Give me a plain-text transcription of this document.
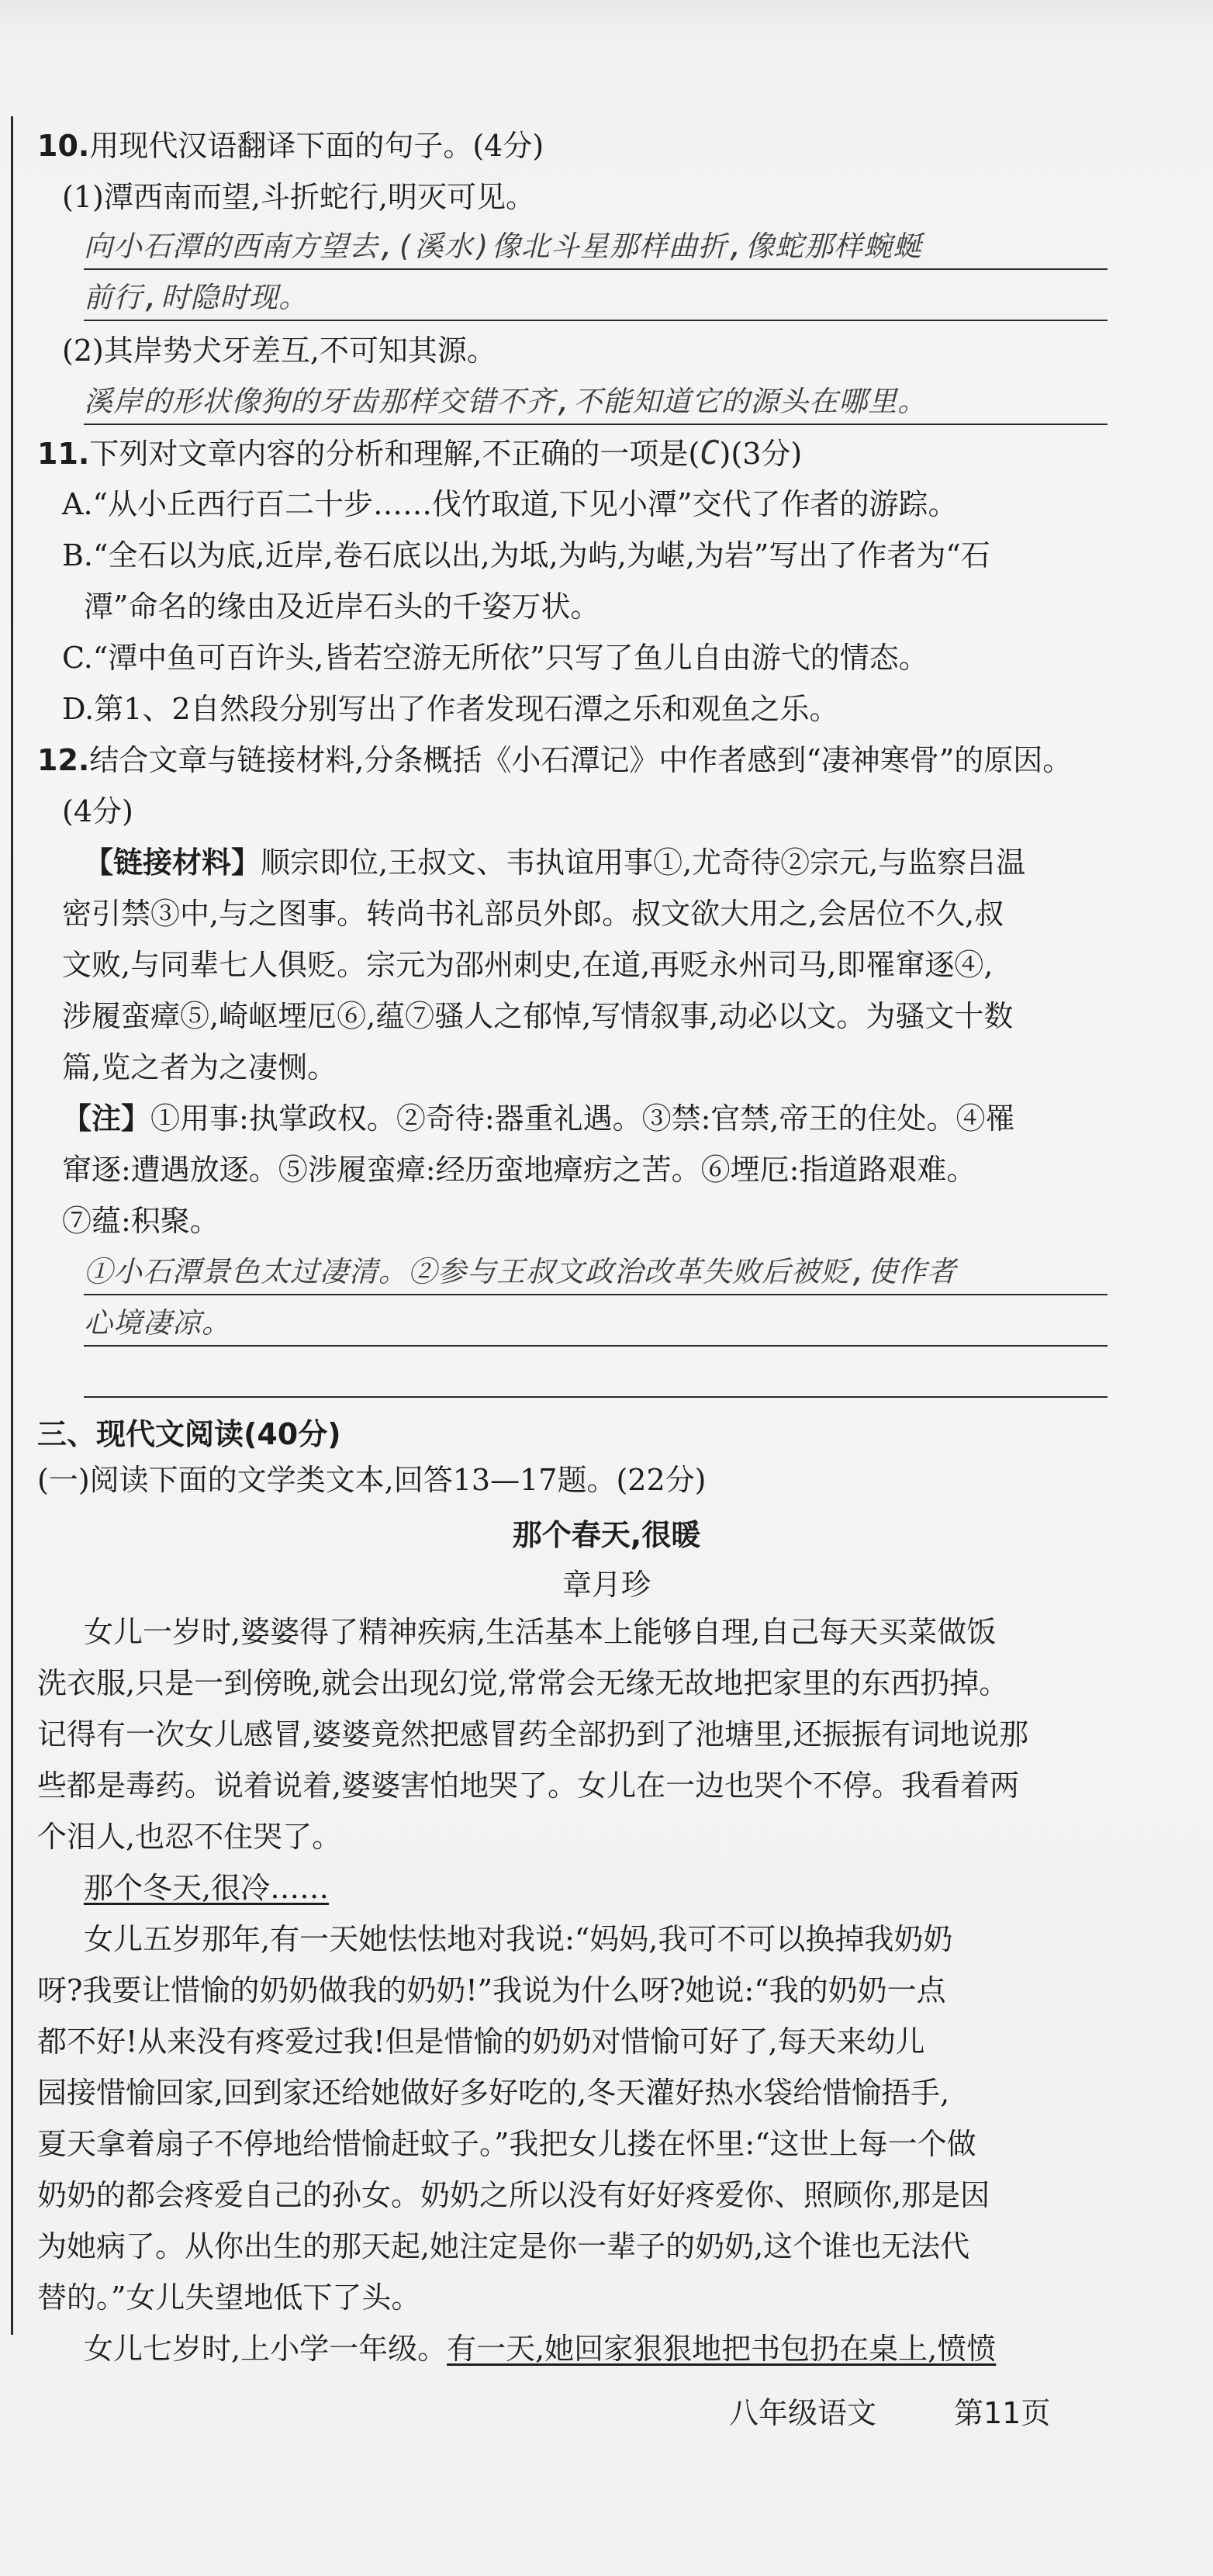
10.用现代汉语翻译下面的句子。(4分)
(1)潭西南而望,斗折蛇行,明灭可见。
向小石潭的西南方望去,(溪水)像北斗星那样曲折,像蛇那样蜿蜒
前行,时隐时现。
(2)其岸势犬牙差互,不可知其源。
溪岸的形状像狗的牙齿那样交错不齐,不能知道它的源头在哪里。
11.下列对文章内容的分析和理解,不正确的一项是(C)(3分)
A.“从小丘西行百二十步……伐竹取道,下见小潭”交代了作者的游踪。
B.“全石以为底,近岸,卷石底以出,为坻,为屿,为嵁,为岩”写出了作者为“石
潭”命名的缘由及近岸石头的千姿万状。
C.“潭中鱼可百许头,皆若空游无所依”只写了鱼儿自由游弋的情态。
D.第1、2自然段分别写出了作者发现石潭之乐和观鱼之乐。
12.结合文章与链接材料,分条概括《小石潭记》中作者感到“凄神寒骨”的原因。
(4分)
【链接材料】顺宗即位,王叔文、韦执谊用事①,尤奇待②宗元,与监察吕温
密引禁③中,与之图事。转尚书礼部员外郎。叔文欲大用之,会居位不久,叔
文败,与同辈七人俱贬。宗元为邵州刺史,在道,再贬永州司马,即罹窜逐④,
涉履蛮瘴⑤,崎岖堙厄⑥,蕴⑦骚人之郁悼,写情叙事,动必以文。为骚文十数
篇,览之者为之凄恻。
【注】①用事:执掌政权。②奇待:器重礼遇。③禁:官禁,帝王的住处。④罹
窜逐:遭遇放逐。⑤涉履蛮瘴:经历蛮地瘴疠之苦。⑥堙厄:指道路艰难。
⑦蕴:积聚。
①小石潭景色太过凄清。②参与王叔文政治改革失败后被贬,使作者
心境凄凉。
三、现代文阅读(40分)
(一)阅读下面的文学类文本,回答13—17题。(22分)
那个春天,很暖
章月珍
女儿一岁时,婆婆得了精神疾病,生活基本上能够自理,自己每天买菜做饭
洗衣服,只是一到傍晚,就会出现幻觉,常常会无缘无故地把家里的东西扔掉。
记得有一次女儿感冒,婆婆竟然把感冒药全部扔到了池塘里,还振振有词地说那
些都是毒药。说着说着,婆婆害怕地哭了。女儿在一边也哭个不停。我看着两
个泪人,也忍不住哭了。
那个冬天,很冷……
女儿五岁那年,有一天她怯怯地对我说:“妈妈,我可不可以换掉我奶奶
呀?我要让惜愉的奶奶做我的奶奶!”我说为什么呀?她说:“我的奶奶一点
都不好!从来没有疼爱过我!但是惜愉的奶奶对惜愉可好了,每天来幼儿
园接惜愉回家,回到家还给她做好多好吃的,冬天灌好热水袋给惜愉捂手,
夏天拿着扇子不停地给惜愉赶蚊子。”我把女儿搂在怀里:“这世上每一个做
奶奶的都会疼爱自己的孙女。奶奶之所以没有好好疼爱你、照顾你,那是因
为她病了。从你出生的那天起,她注定是你一辈子的奶奶,这个谁也无法代
替的。”女儿失望地低下了头。
女儿七岁时,上小学一年级。有一天,她回家狠狠地把书包扔在桌上,愤愤
八年级语文	第11页
